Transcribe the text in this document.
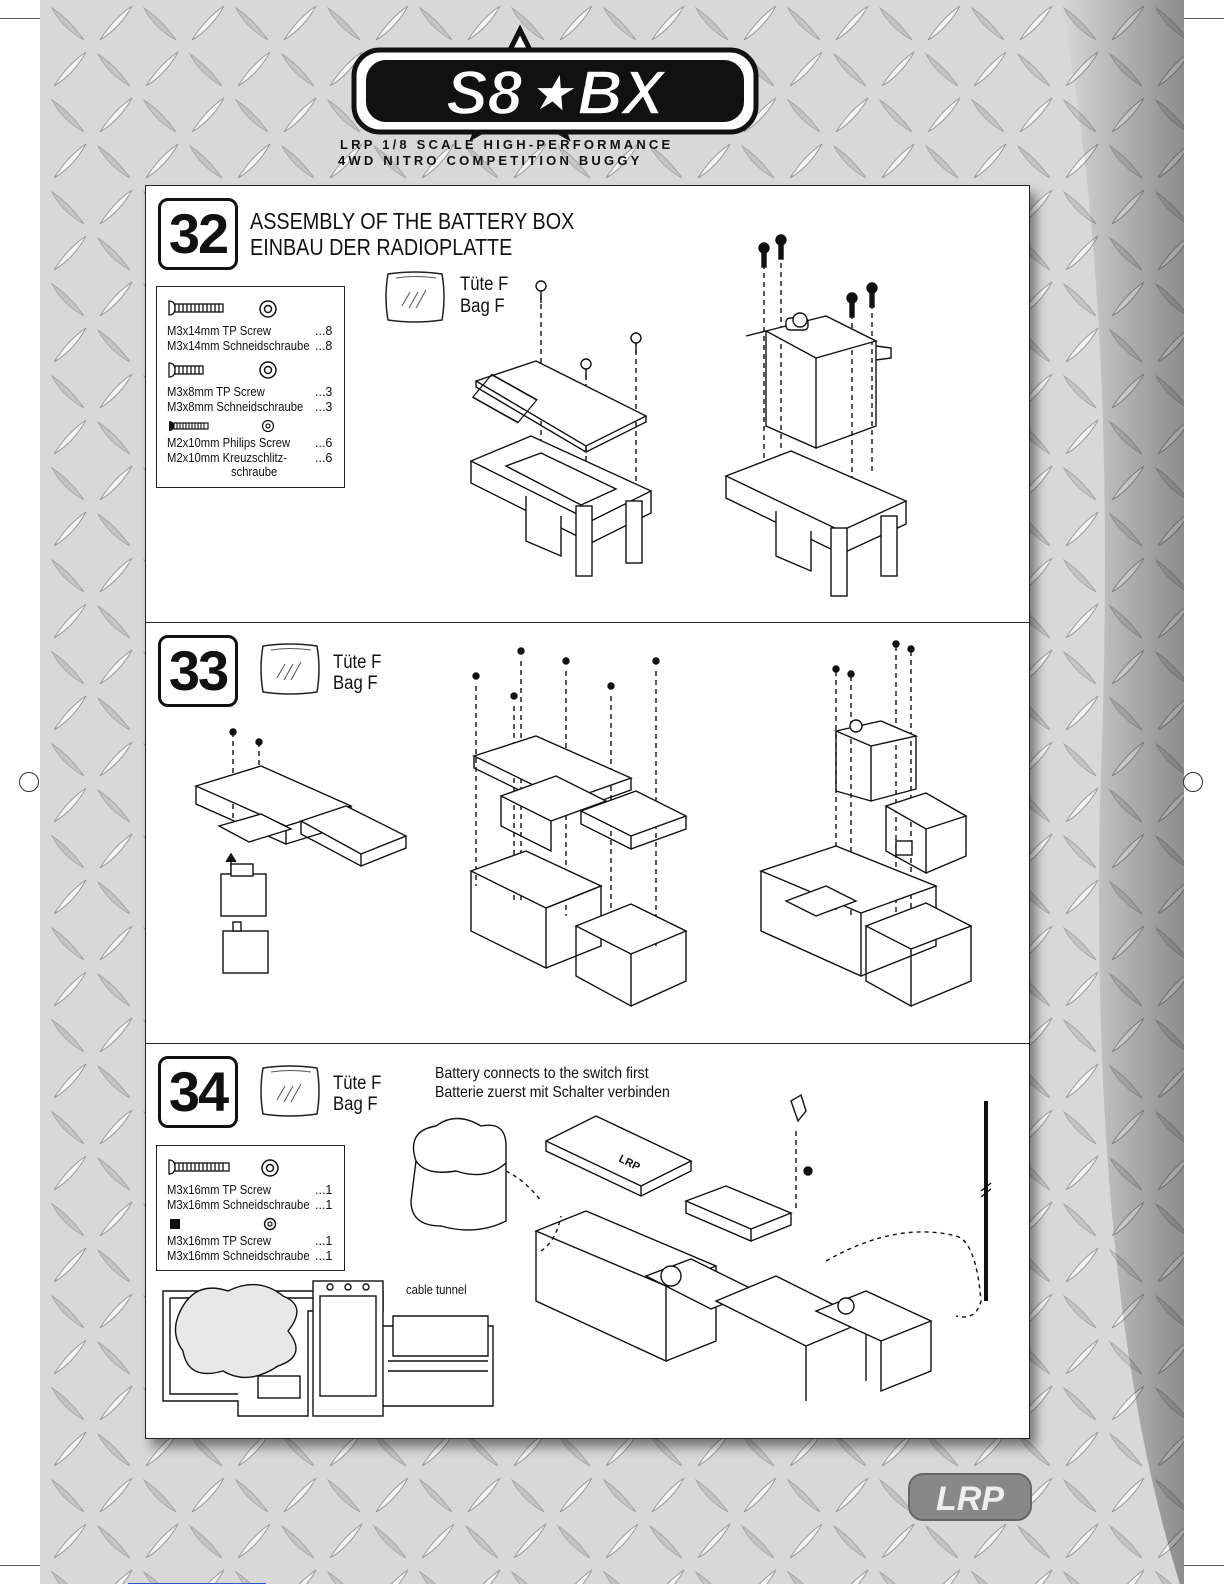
S8★BX
LRP 1/8 SCALE HIGH-PERFORMANCE
4WD NITRO COMPETITION BUGGY
32 ASSEMBLY OF THE BATTERY BOX
EINBAU DER RADIOPLATTE
Tüte F
Bag F
M3x14mm TP Screw	...8
M3x14mm Schneidschraube ...8
M3x8mm TP Screw	...3
M3x8mm Schneidschraube ...3
M2x10mm Philips Screw ...6
M2x10mm Kreuzschlitz- ...6
schraube
33	Tüte F
Bag F
34	Tüte F
Bag F
Battery connects to the switch first
Batterie zuerst mit Schalter verbinden
M3x16mm TP Screw	...1
M3x16mm Schneidschraube ...1
M3x16mm TP Screw	...1
M3x16mm Schneidschraube ...1
cable tunnel
LRP
LRP
